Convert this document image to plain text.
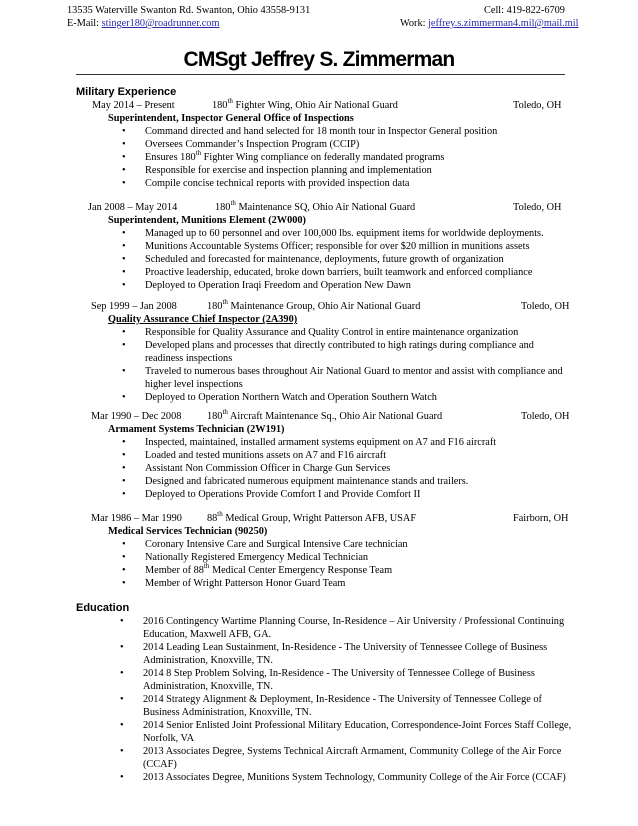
13535 Waterville Swanton Rd. Swanton, Ohio 43558-9131	Cell: 419-822-6709
E-Mail: stinger180@roadrunner.com	Work: jeffrey.s.zimmerman4.mil@mail.mil
CMSgt Jeffrey S. Zimmerman
Military Experience
May 2014 – Present	180th Fighter Wing, Ohio Air National Guard	Toledo, OH
Superintendent, Inspector General Office of Inspections
• Command directed and hand selected for 18 month tour in Inspector General position
• Oversees Commander’s Inspection Program (CCIP)
• Ensures 180th Fighter Wing compliance on federally mandated programs
• Responsible for exercise and inspection planning and implementation
• Compile concise technical reports with provided inspection data
Jan 2008 – May 2014	180th Maintenance SQ, Ohio Air National Guard	Toledo, OH
Superintendent, Munitions Element (2W000)
• Managed up to 60 personnel and over 100,000 lbs. equipment items for worldwide deployments.
• Munitions Accountable Systems Officer; responsible for over $20 million in munitions assets
• Scheduled and forecasted for maintenance, deployments, future growth of organization
• Proactive leadership, educated, broke down barriers, built teamwork and enforced compliance
• Deployed to Operation Iraqi Freedom and Operation New Dawn
Sep 1999 – Jan 2008	180th Maintenance Group, Ohio Air National Guard	Toledo, OH
Quality Assurance Chief Inspector (2A390)
• Responsible for Quality Assurance and Quality Control in entire maintenance organization
• Developed plans and processes that directly contributed to high ratings during compliance and
readiness inspections
• Traveled to numerous bases throughout Air National Guard to mentor and assist with compliance and
higher level inspections
• Deployed to Operation Northern Watch and Operation Southern Watch
Mar 1990 – Dec 2008 180th Aircraft Maintenance Sq., Ohio Air National Guard	Toledo, OH
Armament Systems Technician (2W191)
• Inspected, maintained, installed armament systems equipment on A7 and F16 aircraft
• Loaded and tested munitions assets on A7 and F16 aircraft
• Assistant Non Commission Officer in Charge Gun Services
• Designed and fabricated numerous equipment maintenance stands and trailers.
• Deployed to Operations Provide Comfort I and Provide Comfort II
Mar 1986 – Mar 1990 88th Medical Group, Wright Patterson AFB, USAF	Fairborn, OH
Medical Services Technician (90250)
• Coronary Intensive Care and Surgical Intensive Care technician
• Nationally Registered Emergency Medical Technician
• Member of 88th Medical Center Emergency Response Team
• Member of Wright Patterson Honor Guard Team
Education
• 2016 Contingency Wartime Planning Course, In-Residence – Air University / Professional Continuing
Education, Maxwell AFB, GA.
• 2014 Leading Lean Sustainment, In-Residence - The University of Tennessee College of Business
Administration, Knoxville, TN.
• 2014 8 Step Problem Solving, In-Residence - The University of Tennessee College of Business
Administration, Knoxville, TN.
• 2014 Strategy Alignment & Deployment, In-Residence - The University of Tennessee College of
Business Administration, Knoxville, TN.
• 2014 Senior Enlisted Joint Professional Military Education, Correspondence-Joint Forces Staff College,
Norfolk, VA
• 2013 Associates Degree, Systems Technical Aircraft Armament, Community College of the Air Force
(CCAF)
• 2013 Associates Degree, Munitions System Technology, Community College of the Air Force (CCAF)
